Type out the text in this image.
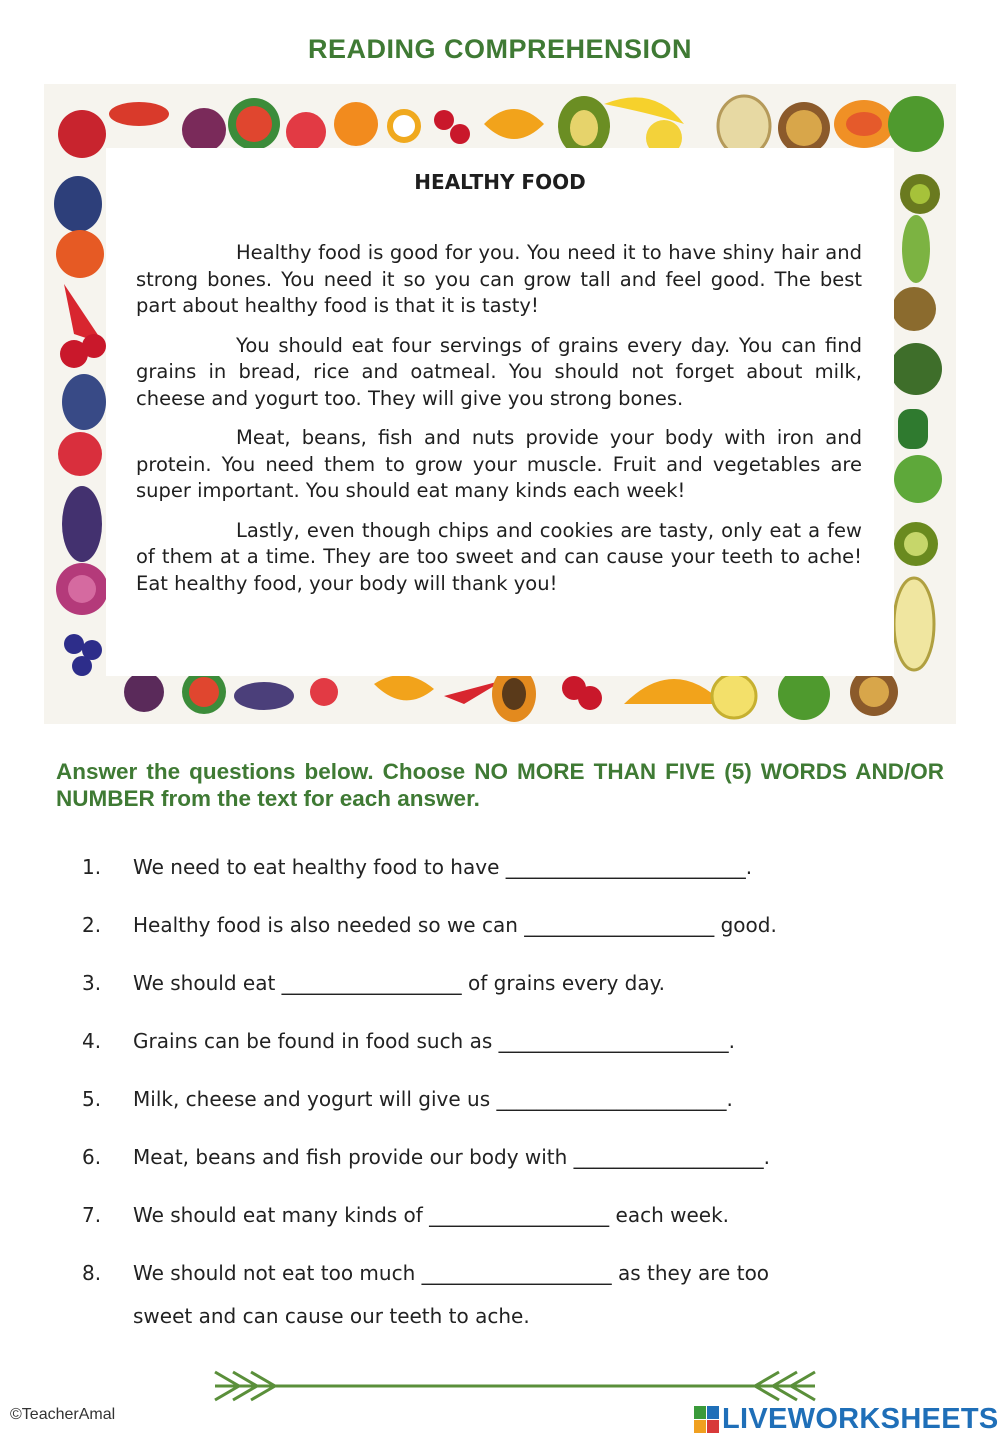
READING COMPREHENSION
HEALTHY FOOD

Healthy food is good for you. You need it to have shiny hair and strong bones. You need it so you can grow tall and feel good. The best part about healthy food is that it is tasty!

You should eat four servings of grains every day. You can find grains in bread, rice and oatmeal. You should not forget about milk, cheese and yogurt too. They will give you strong bones.

Meat, beans, fish and nuts provide your body with iron and protein. You need them to grow your muscle. Fruit and vegetables are super important. You should eat many kinds each week!

Lastly, even though chips and cookies are tasty, only eat a few of them at a time. They are too sweet and can cause your teeth to ache! Eat healthy food, your body will thank you!

Answer the questions below. Choose NO MORE THAN FIVE (5) WORDS AND/OR NUMBER from the text for each answer.
1. We need to eat healthy food to have ________________________.
2. Healthy food is also needed so we can ___________________ good.
3. We should eat __________________ of grains every day.
4. Grains can be found in food such as _______________________.
5. Milk, cheese and yogurt will give us _______________________.
6. Meat, beans and fish provide our body with ___________________.
7. We should eat many kinds of __________________ each week.
8. We should not eat too much ___________________ as they are too
sweet and can cause our teeth to ache.
©TeacherAmal	LIVEWORKSHEETS
